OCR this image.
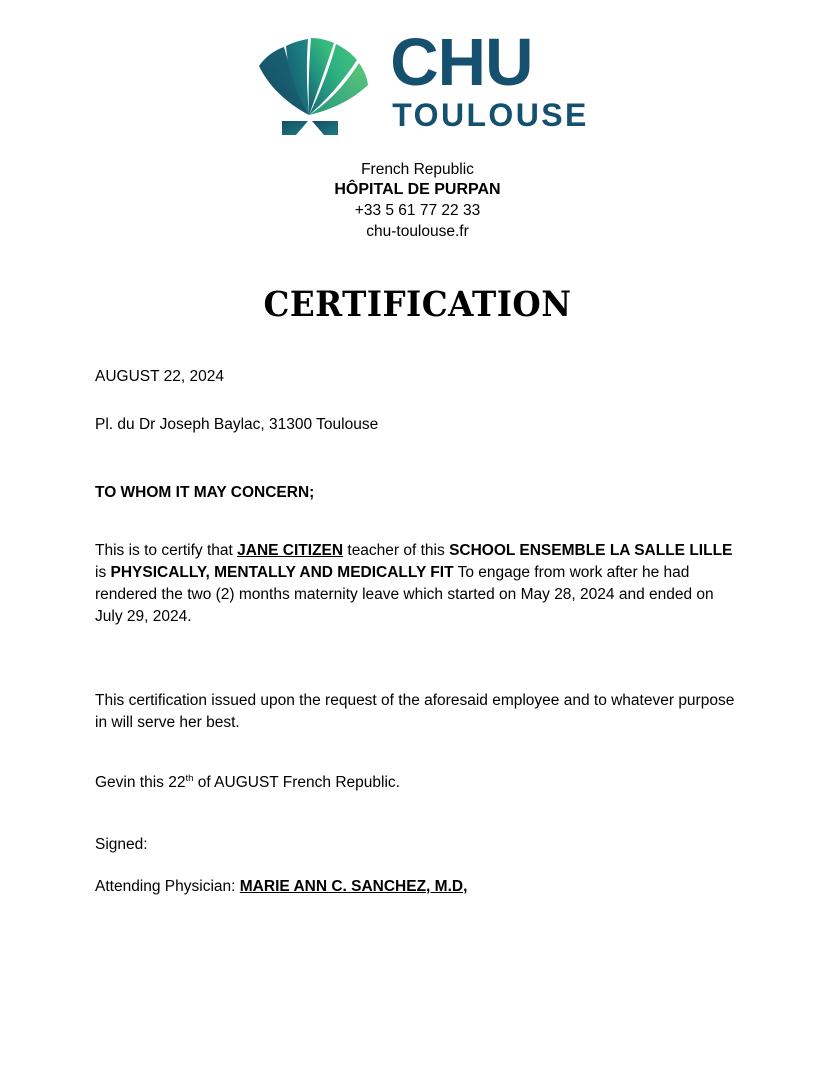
CHU
TOULOUSE
French Republic
HÔPITAL DE PURPAN
+33 5 61 77 22 33
chu-toulouse.fr
CERTIFICATION
AUGUST 22, 2024
Pl. du Dr Joseph Baylac, 31300 Toulouse
TO WHOM IT MAY CONCERN;

This is to certify that JANE CITIZEN teacher of this SCHOOL ENSEMBLE LA SALLE LILLE is PHYSICALLY, MENTALLY AND MEDICALLY FIT To engage from work after he had rendered the two (2) months maternity leave which started on May 28, 2024 and ended on July 29, 2024.

This certification issued upon the request of the aforesaid employee and to whatever purpose in will serve her best.

Gevin this 22th of AUGUST French Republic.

Signed:
Attending Physician: MARIE ANN C. SANCHEZ, M.D,
